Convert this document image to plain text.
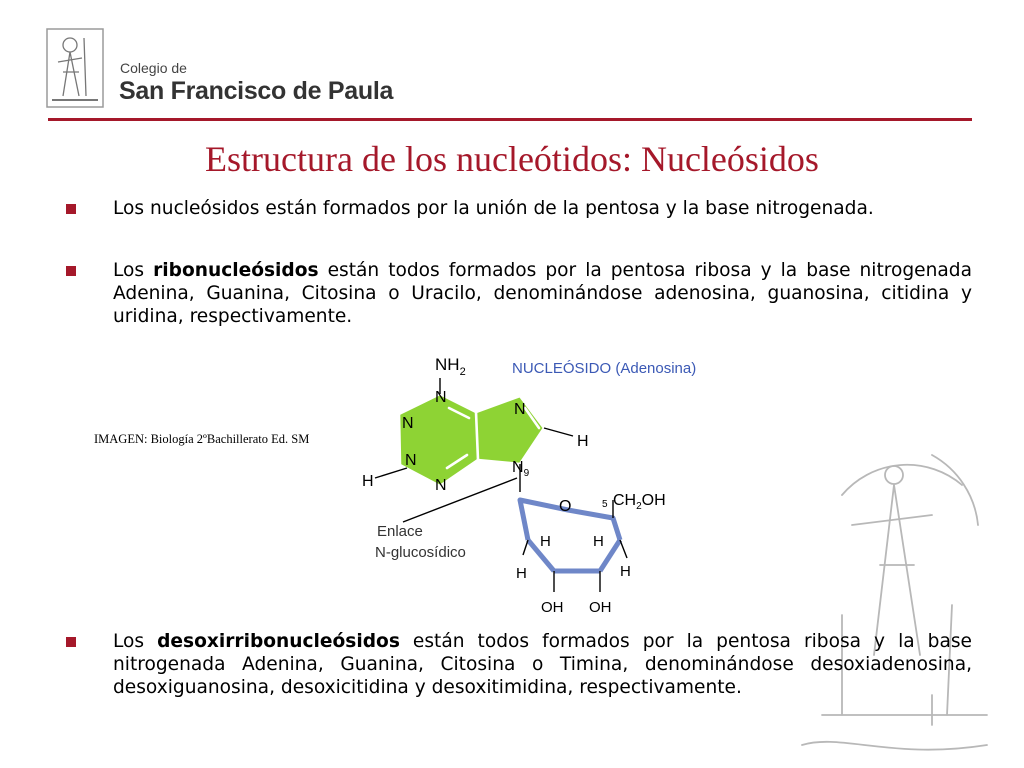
Colegio de
San Francisco de Paula
Estructura de los nucleótidos: Nucleósidos
Los nucleósidos están formados por la unión de la pentosa y la base nitrogenada.
Los ribonucleósidos están todos formados por la pentosa ribosa y la base nitrogenada Adenina, Guanina, Citosina o Uracilo, denominándose adenosina, guanosina, citidina y uridina, respectivamente.
IMAGEN: Biología 2ºBachillerato Ed. SM
$NH_2$
N
N
N
N
N
$N_9$
H
H
NUCLEÓSIDO (Adenosina)
O	5 $CH_2OH$
H	H
H	H
OH OH
Enlace
N-glucosídico
Los desoxirribonucleósidos están todos formados por la pentosa ribosa y la base nitrogenada Adenina, Guanina, Citosina o Timina, denominándose desoxiadenosina, desoxiguanosina, desoxicitidina y desoxitimidina, respectivamente.
